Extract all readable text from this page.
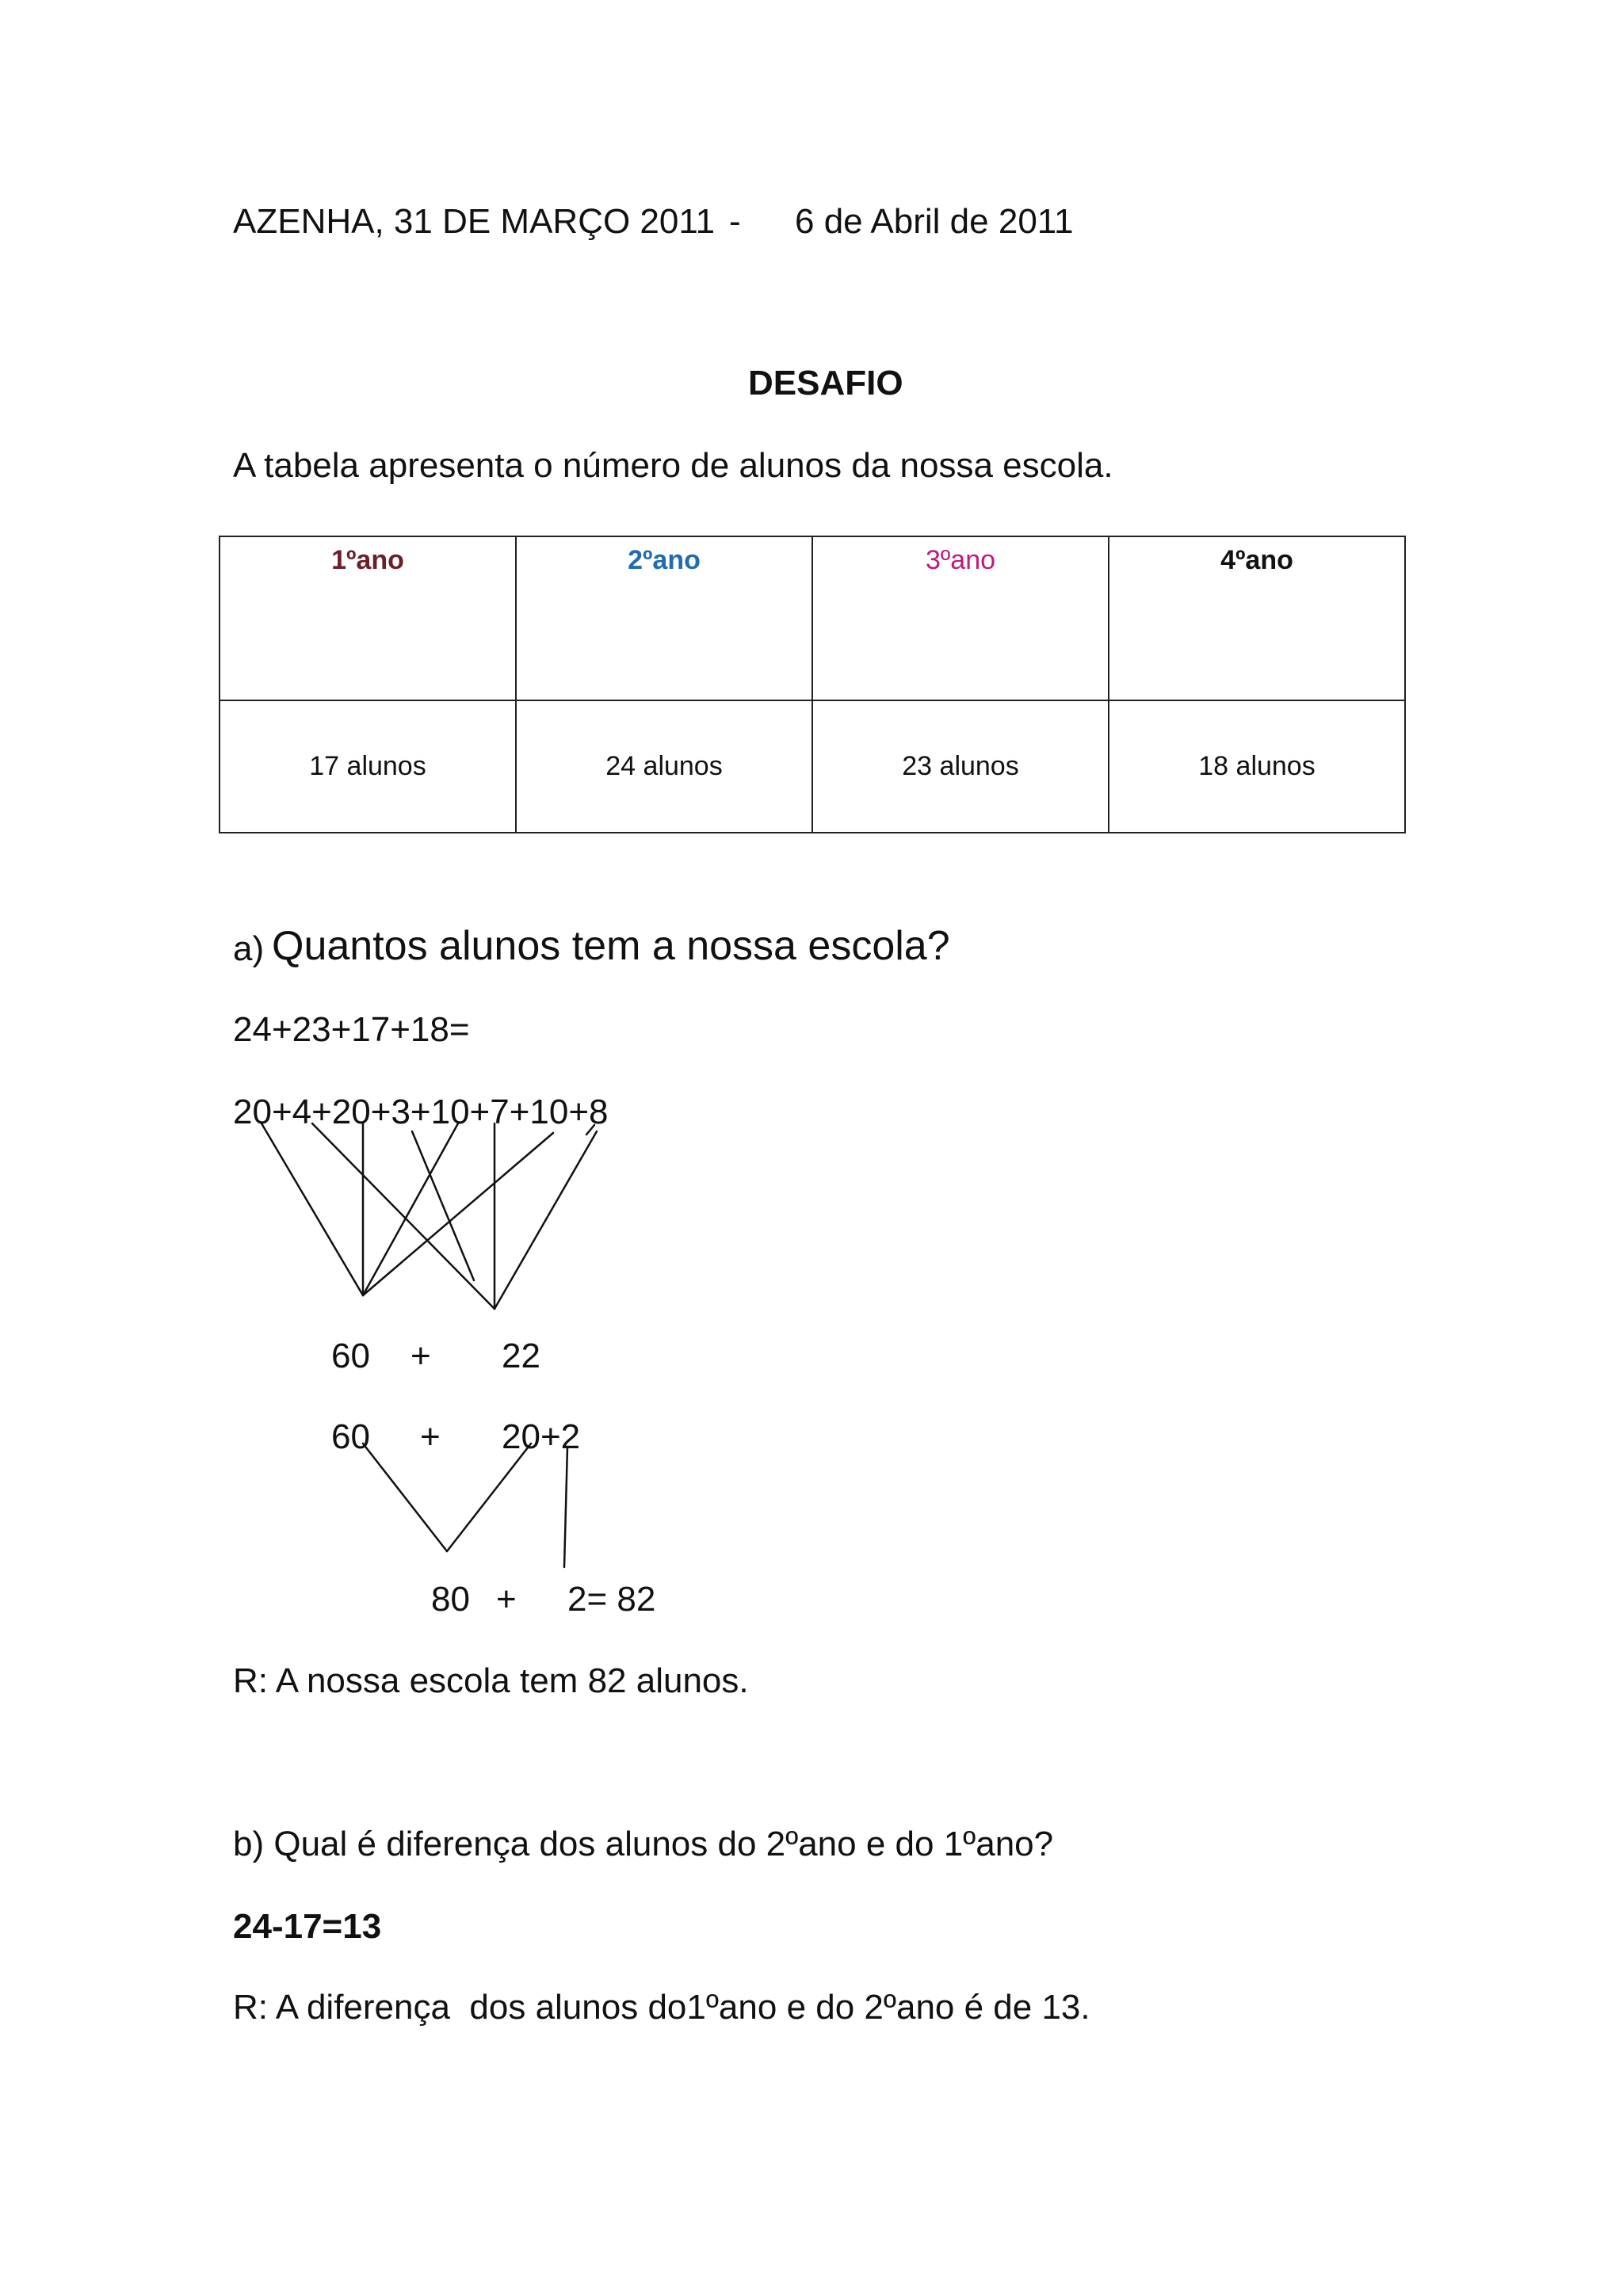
AZENHA, 31 DE MARÇO 2011 - 6 de Abril de 2011

DESAFIO

A tabela apresenta o número de alunos da nossa escola.

1ºano	2ºano	3ºano	4ºano
17 alunos	24 alunos	23 alunos	18 alunos

a) Quantos alunos tem a nossa escola?

24+23+17+18=

20+4+20+3+10+7+10+8

60 + 22

60 + 20+2

80 + 2= 82

R: A nossa escola tem 82 alunos.

b) Qual é diferença dos alunos do 2ºano e do 1ºano?

24-17=13

R: A diferença  dos alunos do1ºano e do 2ºano é de 13.
